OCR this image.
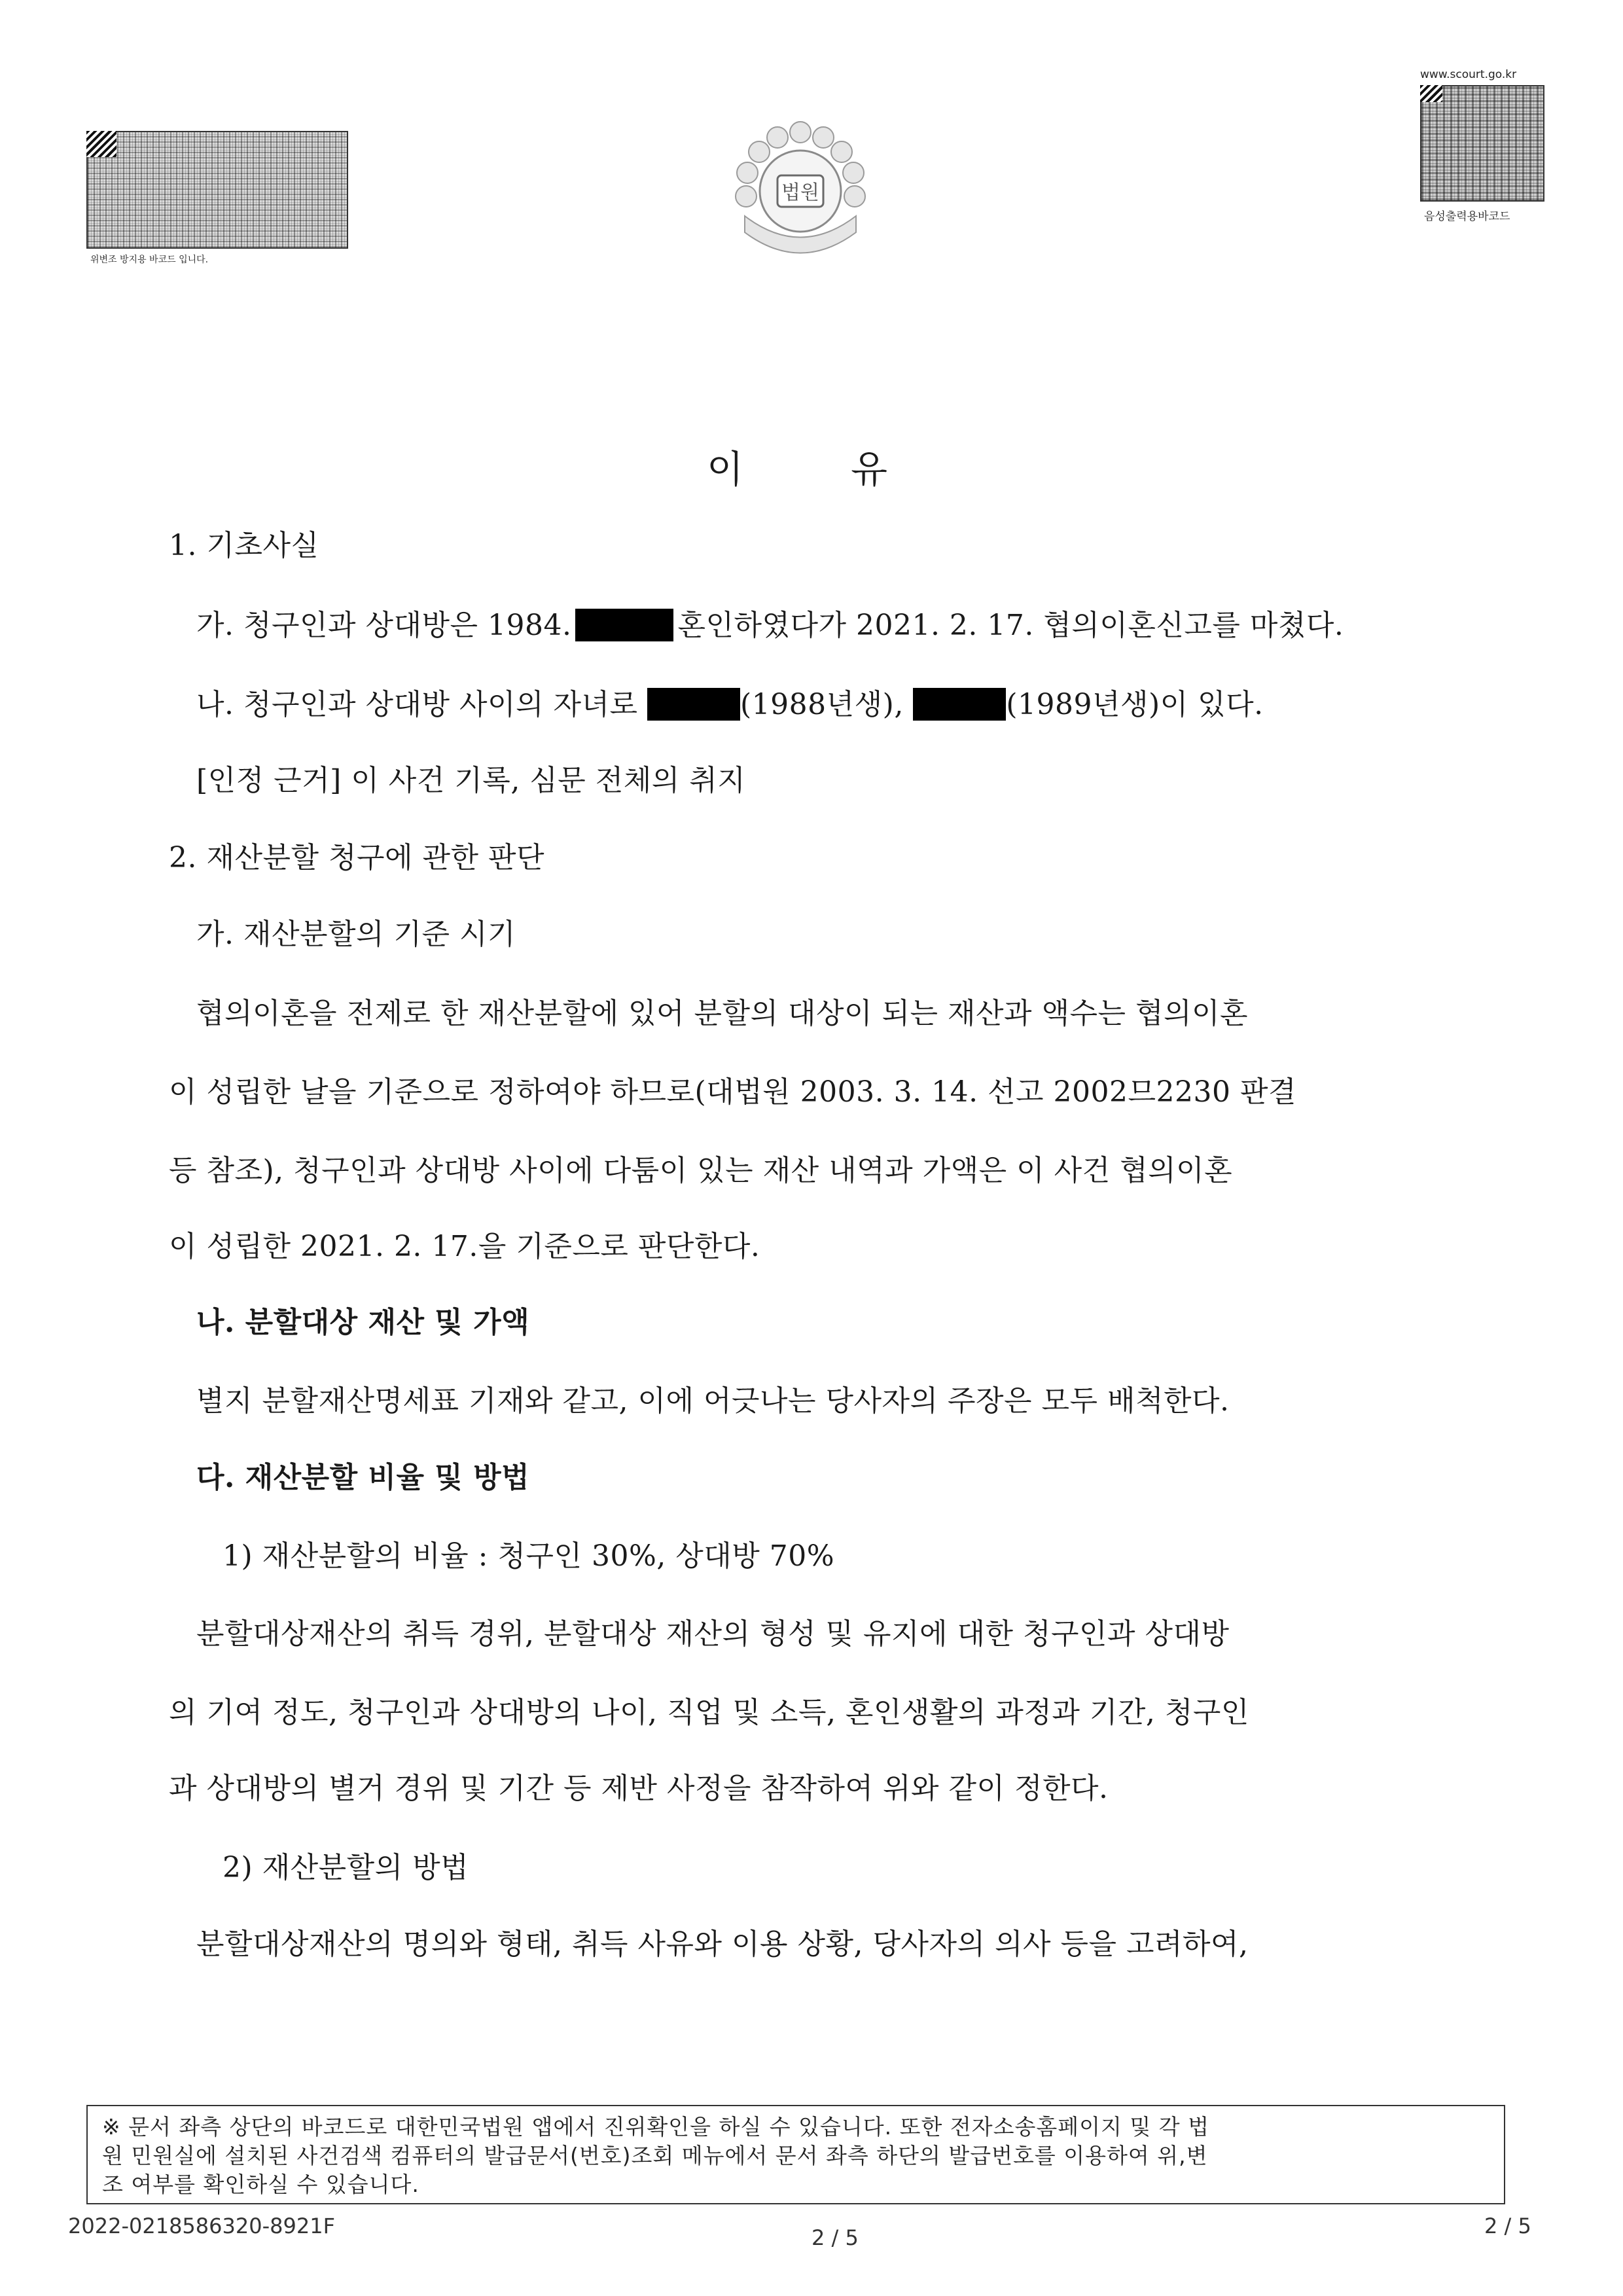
위변조 방지용 바코드 입니다.
법원
www.scourt.go.kr
음성출력용바코드
이	유
1. 기초사실
가. 청구인과 상대방은 1984.	혼인하였다가 2021. 2. 17. 협의이혼신고를 마쳤다.
나. 청구인과 상대방 사이의 자녀로	(1988년생),	(1989년생)이 있다.
[인정 근거] 이 사건 기록, 심문 전체의 취지
2. 재산분할 청구에 관한 판단
가. 재산분할의 기준 시기
협의이혼을 전제로 한 재산분할에 있어 분할의 대상이 되는 재산과 액수는 협의이혼
이 성립한 날을 기준으로 정하여야 하므로(대법원 2003. 3. 14. 선고 2002므2230 판결
등 참조), 청구인과 상대방 사이에 다툼이 있는 재산 내역과 가액은 이 사건 협의이혼
이 성립한 2021. 2. 17.을 기준으로 판단한다.
나. 분할대상 재산 및 가액
별지 분할재산명세표 기재와 같고, 이에 어긋나는 당사자의 주장은 모두 배척한다.
다. 재산분할 비율 및 방법
1) 재산분할의 비율 : 청구인 30%, 상대방 70%
분할대상재산의 취득 경위, 분할대상 재산의 형성 및 유지에 대한 청구인과 상대방
의 기여 정도, 청구인과 상대방의 나이, 직업 및 소득, 혼인생활의 과정과 기간, 청구인
과 상대방의 별거 경위 및 기간 등 제반 사정을 참작하여 위와 같이 정한다.
2) 재산분할의 방법
분할대상재산의 명의와 형태, 취득 사유와 이용 상황, 당사자의 의사 등을 고려하여,
※ 문서 좌측 상단의 바코드로 대한민국법원 앱에서 진위확인을 하실 수 있습니다. 또한 전자소송홈페이지 및 각 법
원 민원실에 설치된 사건검색 컴퓨터의 발급문서(번호)조회 메뉴에서 문서 좌측 하단의 발급번호를 이용하여 위,변
조 여부를 확인하실 수 있습니다.
2022-0218586320-8921F	2 / 5	2 / 5
